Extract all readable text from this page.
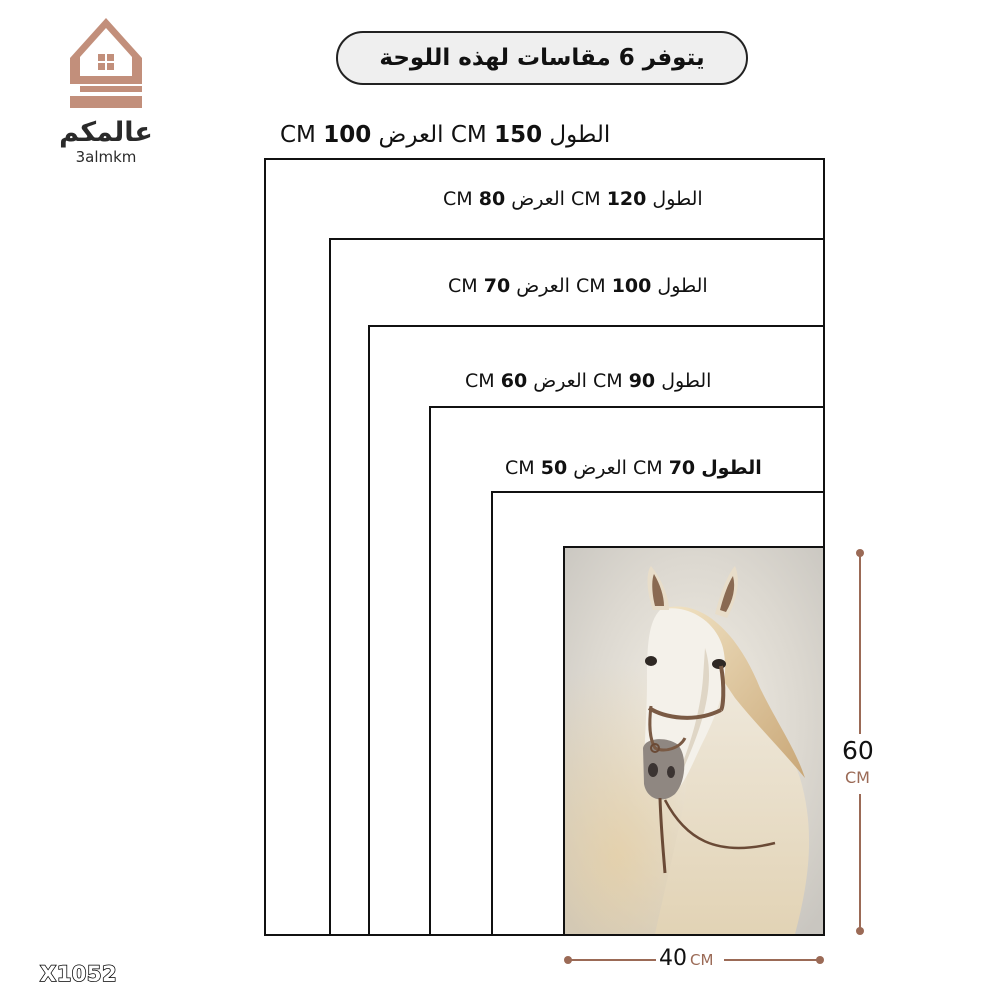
عالمكم
3almkm
يتوفر 6 مقاسات لهذه اللوحة
الطول 150 CM العرض 100 CM
الطول 120 CM العرض 80 CM
الطول 100 CM العرض 70 CM
الطول 90 CM العرض 60 CM
الطول 70 CM العرض 50 CM
60
CM
40 CM
X1052
